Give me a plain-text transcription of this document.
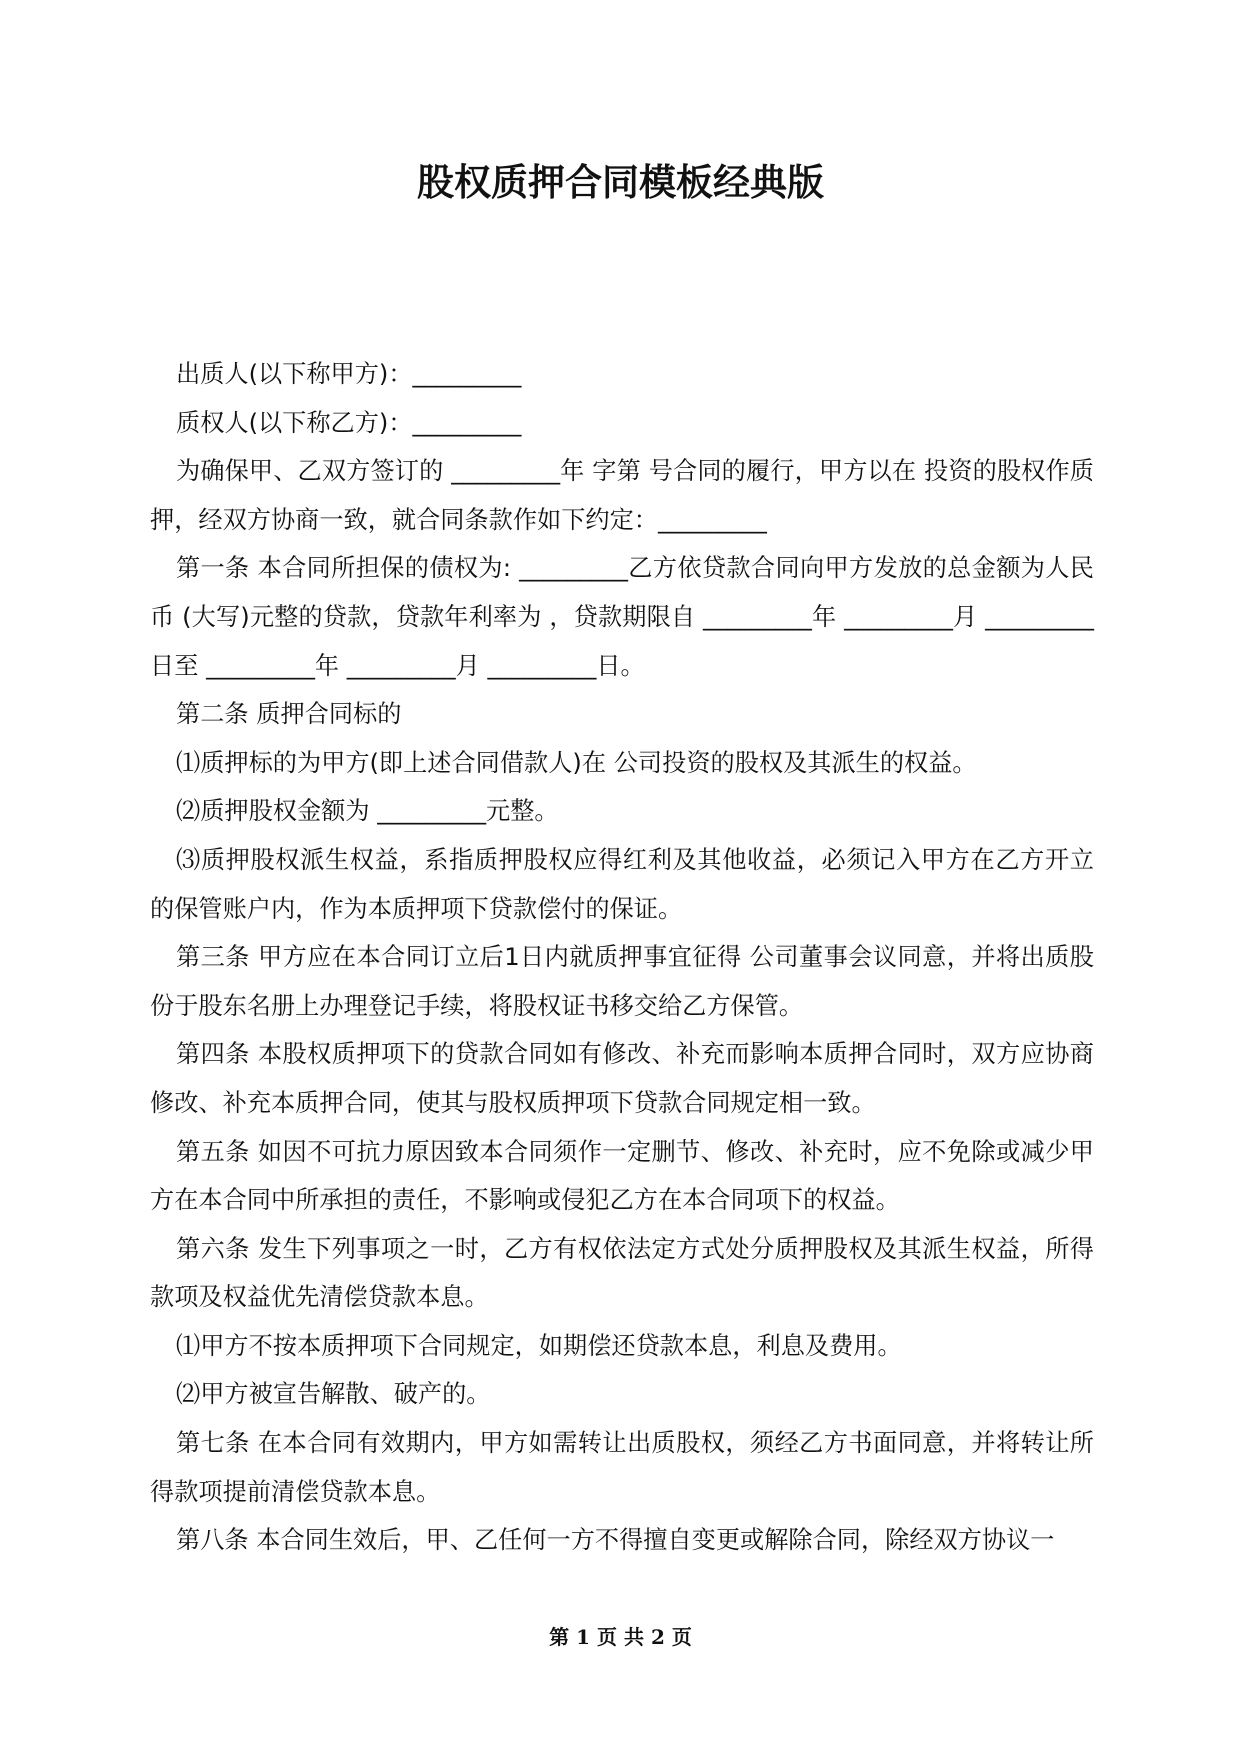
股权质押合同模板经典版

出质人(以下称甲方)：_________

质权人(以下称乙方)：_________

为确保甲、乙双方签订的 _________年 字第 号合同的履行，甲方以在 投资的股权作质押，经双方协商一致，就合同条款作如下约定：_________

第一条 本合同所担保的债权为: _________乙方依贷款合同向甲方发放的总金额为人民币 (大写)元整的贷款，贷款年利率为 ，贷款期限自 _________年 _________月 _________日至 _________年 _________月 _________日。

第二条 质押合同标的

⑴质押标的为甲方(即上述合同借款人)在 公司投资的股权及其派生的权益。

⑵质押股权金额为 _________元整。

⑶质押股权派生权益，系指质押股权应得红利及其他收益，必须记入甲方在乙方开立的保管账户内，作为本质押项下贷款偿付的保证。

第三条 甲方应在本合同订立后1日内就质押事宜征得 公司董事会议同意，并将出质股份于股东名册上办理登记手续，将股权证书移交给乙方保管。

第四条 本股权质押项下的贷款合同如有修改、补充而影响本质押合同时，双方应协商修改、补充本质押合同，使其与股权质押项下贷款合同规定相一致。

第五条 如因不可抗力原因致本合同须作一定删节、修改、补充时，应不免除或减少甲方在本合同中所承担的责任，不影响或侵犯乙方在本合同项下的权益。

第六条 发生下列事项之一时，乙方有权依法定方式处分质押股权及其派生权益，所得款项及权益优先清偿贷款本息。

⑴甲方不按本质押项下合同规定，如期偿还贷款本息，利息及费用。

⑵甲方被宣告解散、破产的。

第七条 在本合同有效期内，甲方如需转让出质股权，须经乙方书面同意，并将转让所得款项提前清偿贷款本息。

第八条 本合同生效后，甲、乙任何一方不得擅自变更或解除合同，除经双方协议一

第 1 页 共 2 页
